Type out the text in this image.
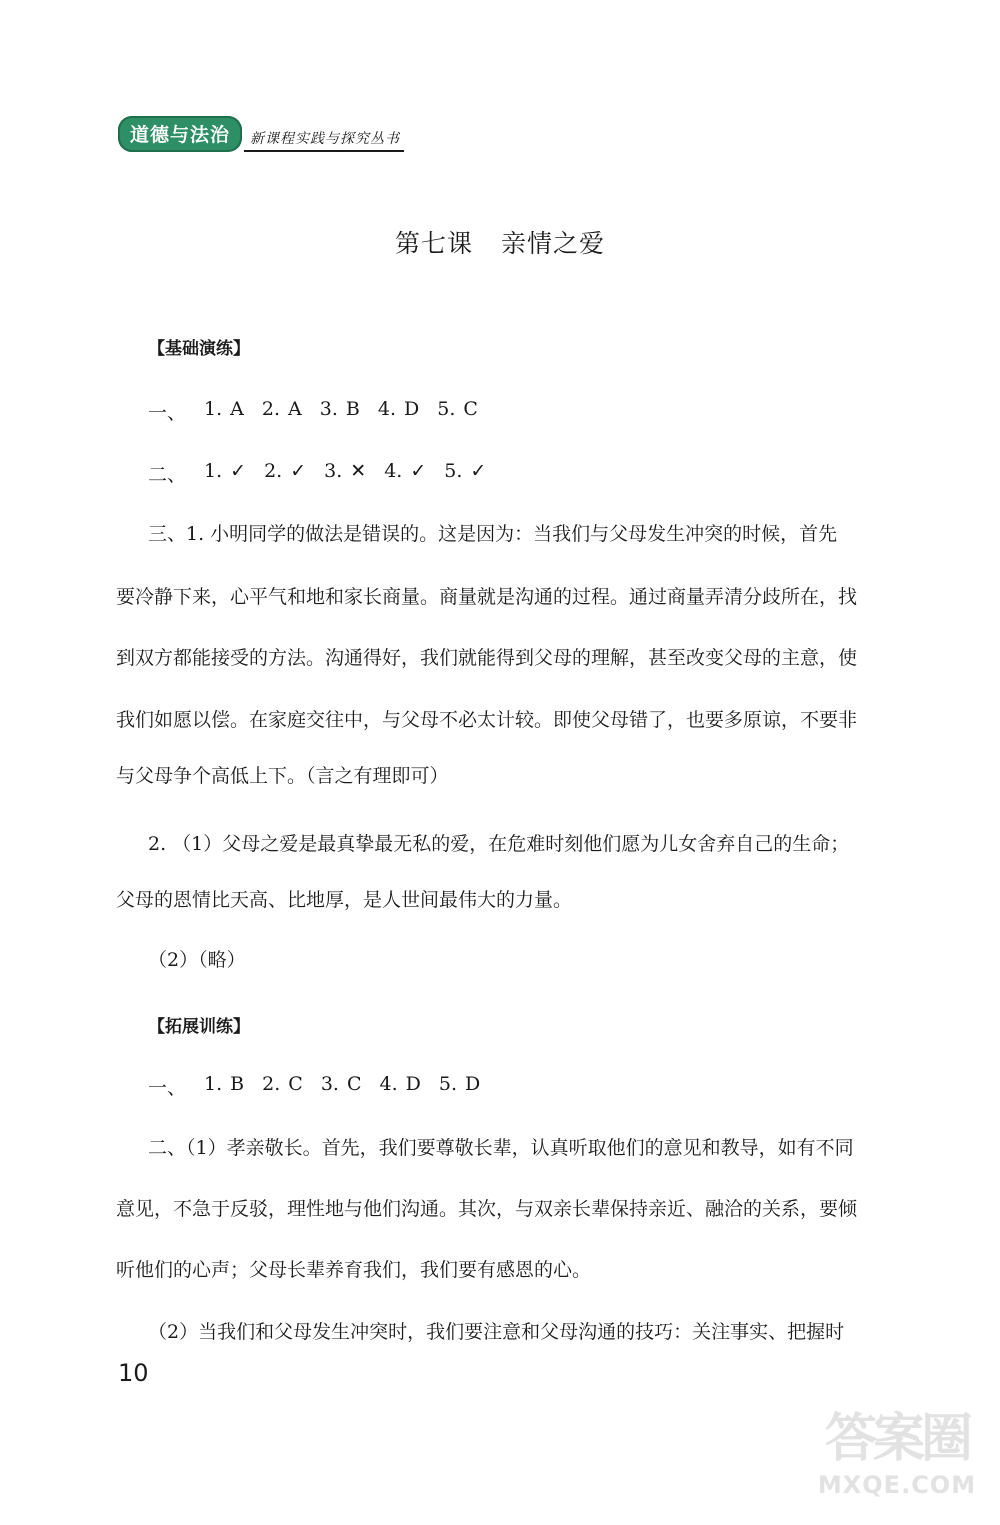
道德与法治	新课程实践与探究丛书
第七课 亲情之爱
【基础演练】
一、 1. A 2. A 3. B 4. D 5. C
二、 1. ✓ 2. ✓ 3. ✕ 4. ✓ 5. ✓
三、1. 小明同学的做法是错误的。这是因为：当我们与父母发生冲突的时候，首先
要冷静下来，心平气和地和家长商量。商量就是沟通的过程。通过商量弄清分歧所在，找
到双方都能接受的方法。沟通得好，我们就能得到父母的理解，甚至改变父母的主意，使
我们如愿以偿。在家庭交往中，与父母不必太计较。即使父母错了，也要多原谅，不要非
与父母争个高低上下。（言之有理即可）
2. （1）父母之爱是最真挚最无私的爱，在危难时刻他们愿为儿女舍弃自己的生命；
父母的恩情比天高、比地厚，是人世间最伟大的力量。
（2）（略）
【拓展训练】
一、 1. B 2. C 3. C 4. D 5. D
二、（1）孝亲敬长。首先，我们要尊敬长辈，认真听取他们的意见和教导，如有不同
意见，不急于反驳，理性地与他们沟通。其次，与双亲长辈保持亲近、融洽的关系，要倾
听他们的心声；父母长辈养育我们，我们要有感恩的心。
（2）当我们和父母发生冲突时，我们要注意和父母沟通的技巧：关注事实、把握时
10
答案圈
MXQE.COM
